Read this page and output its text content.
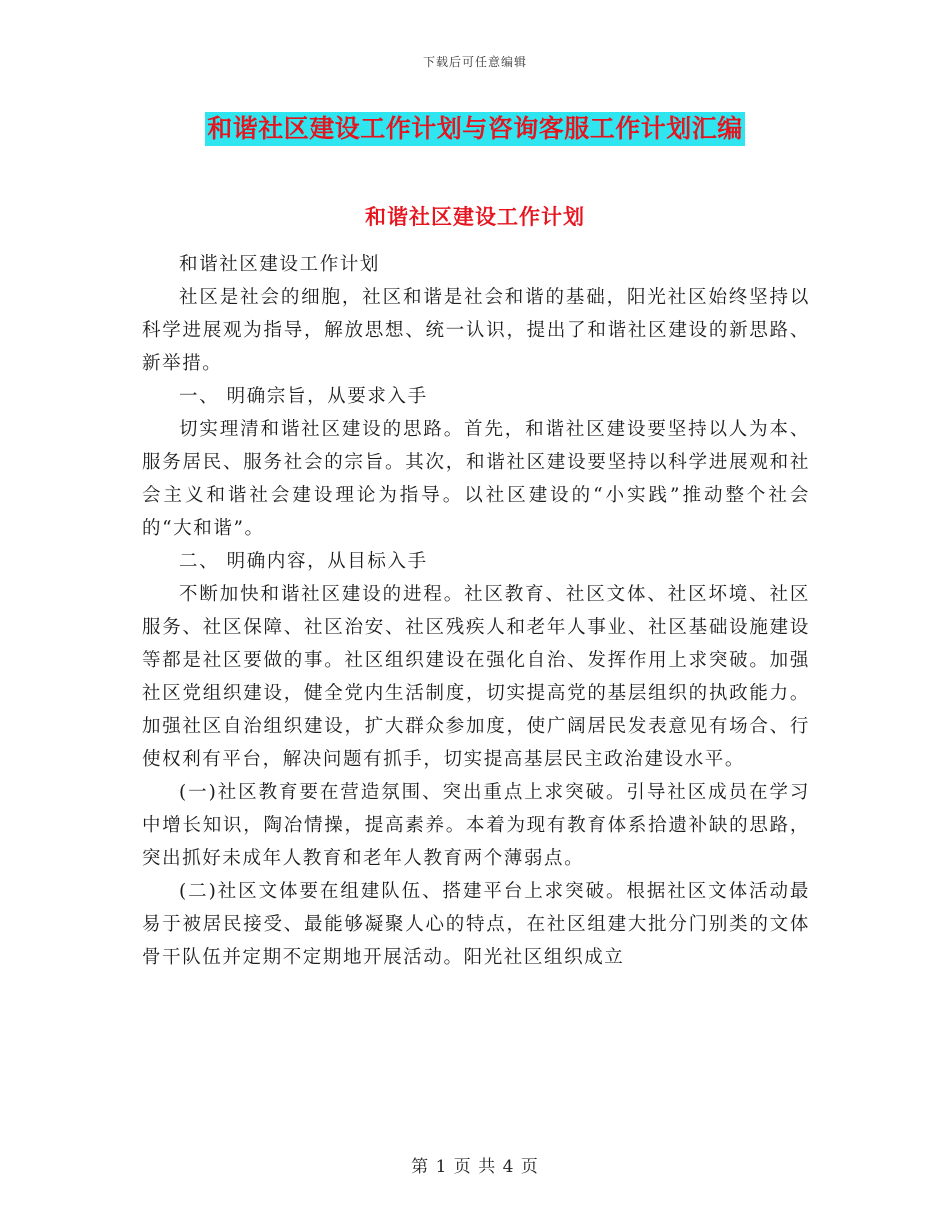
下载后可任意编辑
和谐社区建设工作计划与咨询客服工作计划汇编
和谐社区建设工作计划

和谐社区建设工作计划

社区是社会的细胞，社区和谐是社会和谐的基础，阳光社区始终坚持以科学进展观为指导，解放思想、统一认识，提出了和谐社区建设的新思路、新举措。

一、 明确宗旨，从要求入手

切实理清和谐社区建设的思路。首先，和谐社区建设要坚持以人为本、服务居民、服务社会的宗旨。其次，和谐社区建设要坚持以科学进展观和社会主义和谐社会建设理论为指导。以社区建设的“小实践”推动整个社会的“大和谐”。

二、 明确内容，从目标入手

不断加快和谐社区建设的进程。社区教育、社区文体、社区坏境、社区服务、社区保障、社区治安、社区残疾人和老年人事业、社区基础设施建设等都是社区要做的事。社区组织建设在强化自治、发挥作用上求突破。加强社区党组织建设，健全党内生活制度，切实提高党的基层组织的执政能力。加强社区自治组织建设，扩大群众参加度，使广阔居民发表意见有场合、行使权利有平台，解决问题有抓手，切实提高基层民主政治建设水平。

(一)社区教育要在营造氛围、突出重点上求突破。引导社区成员在学习中增长知识，陶冶情操，提高素养。本着为现有教育体系拾遗补缺的思路，突出抓好未成年人教育和老年人教育两个薄弱点。

(二)社区文体要在组建队伍、搭建平台上求突破。根据社区文体活动最易于被居民接受、最能够凝聚人心的特点，在社区组建大批分门别类的文体骨干队伍并定期不定期地开展活动。阳光社区组织成立

第 1 页 共 4 页
